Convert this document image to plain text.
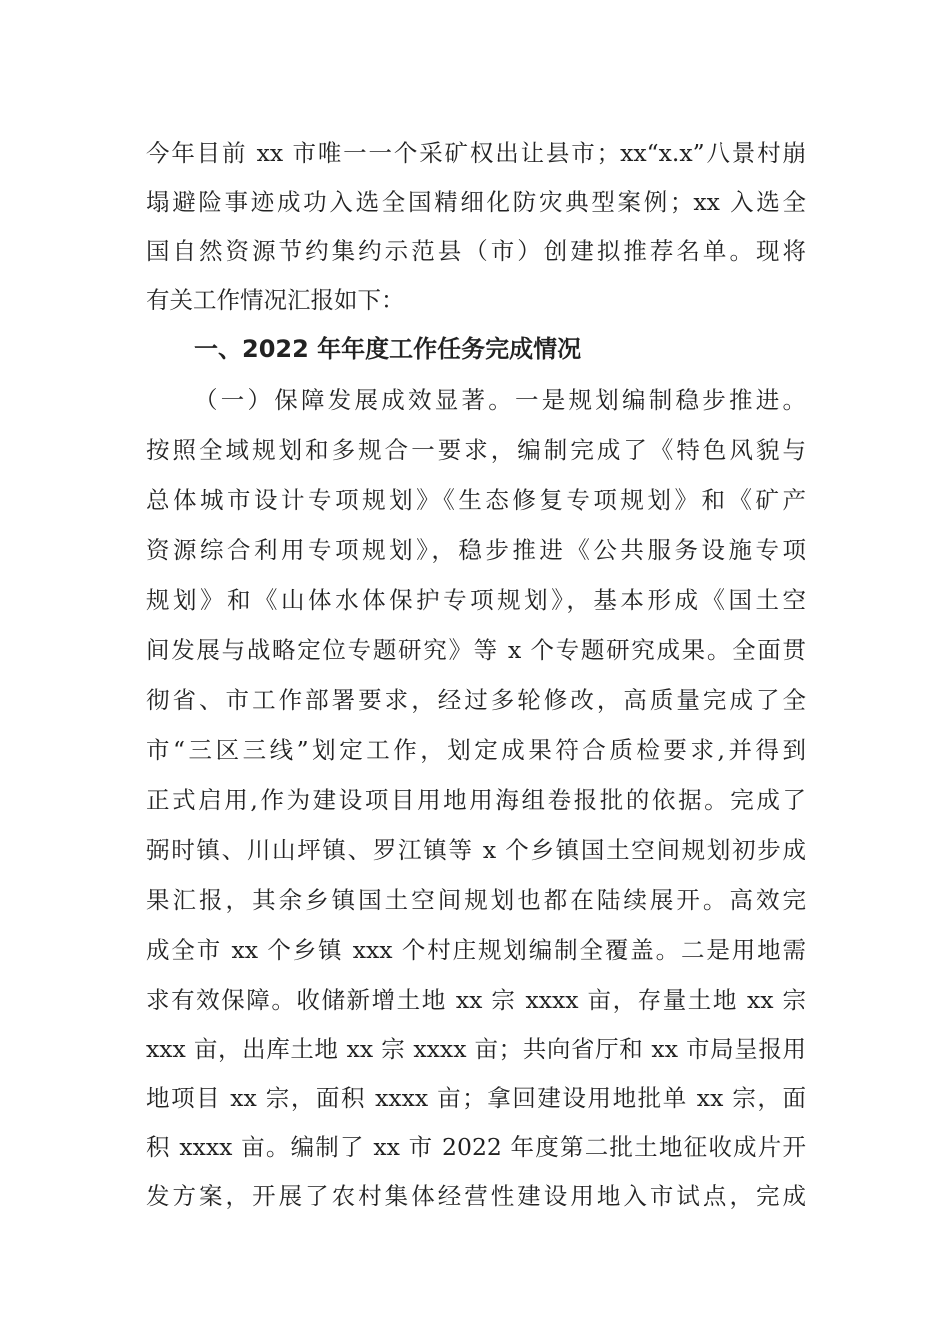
今年目前 xx 市唯一一个采矿权出让县市；xx“x.x”八景村崩
塌避险事迹成功入选全国精细化防灾典型案例；xx 入选全
国自然资源节约集约示范县（市）创建拟推荐名单。现将
有关工作情况汇报如下：
一、2022 年年度工作任务完成情况
（一）保障发展成效显著。一是规划编制稳步推进。
按照全域规划和多规合一要求，编制完成了《特色风貌与
总体城市设计专项规划》《生态修复专项规划》和《矿产
资源综合利用专项规划》，稳步推进《公共服务设施专项
规划》和《山体水体保护专项规划》，基本形成《国土空
间发展与战略定位专题研究》等 x 个专题研究成果。全面贯
彻省、市工作部署要求，经过多轮修改，高质量完成了全
市“三区三线”划定工作，划定成果符合质检要求,并得到
正式启用,作为建设项目用地用海组卷报批的依据。完成了
弼时镇、川山坪镇、罗江镇等 x 个乡镇国土空间规划初步成
果汇报，其余乡镇国土空间规划也都在陆续展开。高效完
成全市 xx 个乡镇 xxx 个村庄规划编制全覆盖。二是用地需
求有效保障。收储新增土地 xx 宗 xxxx 亩，存量土地 xx 宗
xxx 亩，出库土地 xx 宗 xxxx 亩；共向省厅和 xx 市局呈报用
地项目 xx 宗，面积 xxxx 亩；拿回建设用地批单 xx 宗，面
积 xxxx 亩。编制了 xx 市 2022 年度第二批土地征收成片开
发方案，开展了农村集体经营性建设用地入市试点，完成
